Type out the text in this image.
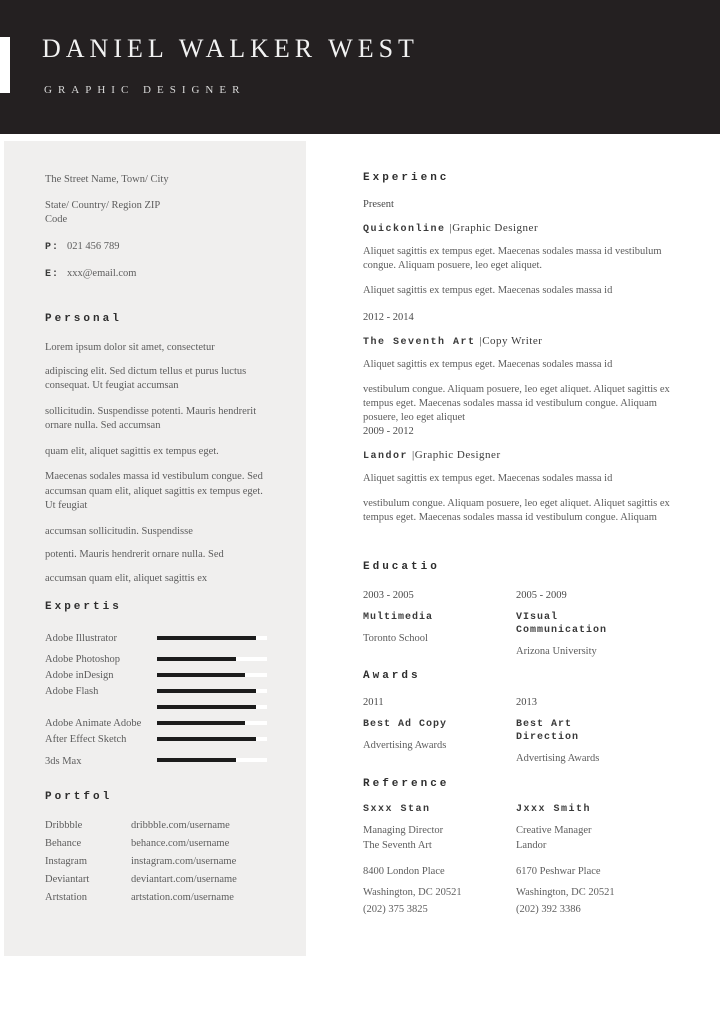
DANIEL WALKER WEST
GRAPHIC DESIGNER
The Street Name, Town/ City
State/ Country/ Region ZIP
Code
P: 021 456 789
E: xxx@email.com
Personal

Lorem ipsum dolor sit amet, consectetur

adipiscing elit. Sed dictum tellus et purus luctus consequat. Ut feugiat accumsan

sollicitudin. Suspendisse potenti. Mauris hendrerit ornare nulla. Sed accumsan

quam elit, aliquet sagittis ex tempus eget.

Maecenas sodales massa id vestibulum congue. Sed accumsan quam elit, aliquet sagittis ex tempus eget. Ut feugiat

accumsan sollicitudin. Suspendisse

potenti. Mauris hendrerit ornare nulla. Sed

accumsan quam elit, aliquet sagittis ex

Expertis
Adobe Illustrator
Adobe Photoshop
Adobe inDesign
Adobe Flash
Adobe Animate Adobe
After Effect Sketch
3ds Max
Portfol
Dribbble	dribbble.com/username
Behance	behance.com/username
Instagram	instagram.com/username
Deviantart	deviantart.com/username
Artstation	artstation.com/username
Experienc
Present
Quickonline |Graphic Designer
Aliquet sagittis ex tempus eget. Maecenas sodales massa id vestibulum congue. Aliquam posuere, leo eget aliquet.
Aliquet sagittis ex tempus eget. Maecenas sodales massa id
2012 - 2014
The Seventh Art |Copy Writer
Aliquet sagittis ex tempus eget. Maecenas sodales massa id
vestibulum congue. Aliquam posuere, leo eget aliquet. Aliquet sagittis ex tempus eget. Maecenas sodales massa id vestibulum congue. Aliquam posuere, leo eget aliquet
2009 - 2012
Landor |Graphic Designer
Aliquet sagittis ex tempus eget. Maecenas sodales massa id
vestibulum congue. Aliquam posuere, leo eget aliquet. Aliquet sagittis ex tempus eget. Maecenas sodales massa id vestibulum congue. Aliquam
Educatio
2003 - 2005
Multimedia
Toronto School
2005 - 2009
VIsual Communication
Arizona University
Awards
2011
Best Ad Copy
Advertising Awards
2013
Best Art Direction
Advertising Awards
Reference
Sxxx Stan
Managing Director
The Seventh Art
8400 London Place
Washington, DC 20521
(202) 375 3825
Jxxx Smith
Creative Manager
Landor
6170 Peshwar Place
Washington, DC 20521
(202) 392 3386
